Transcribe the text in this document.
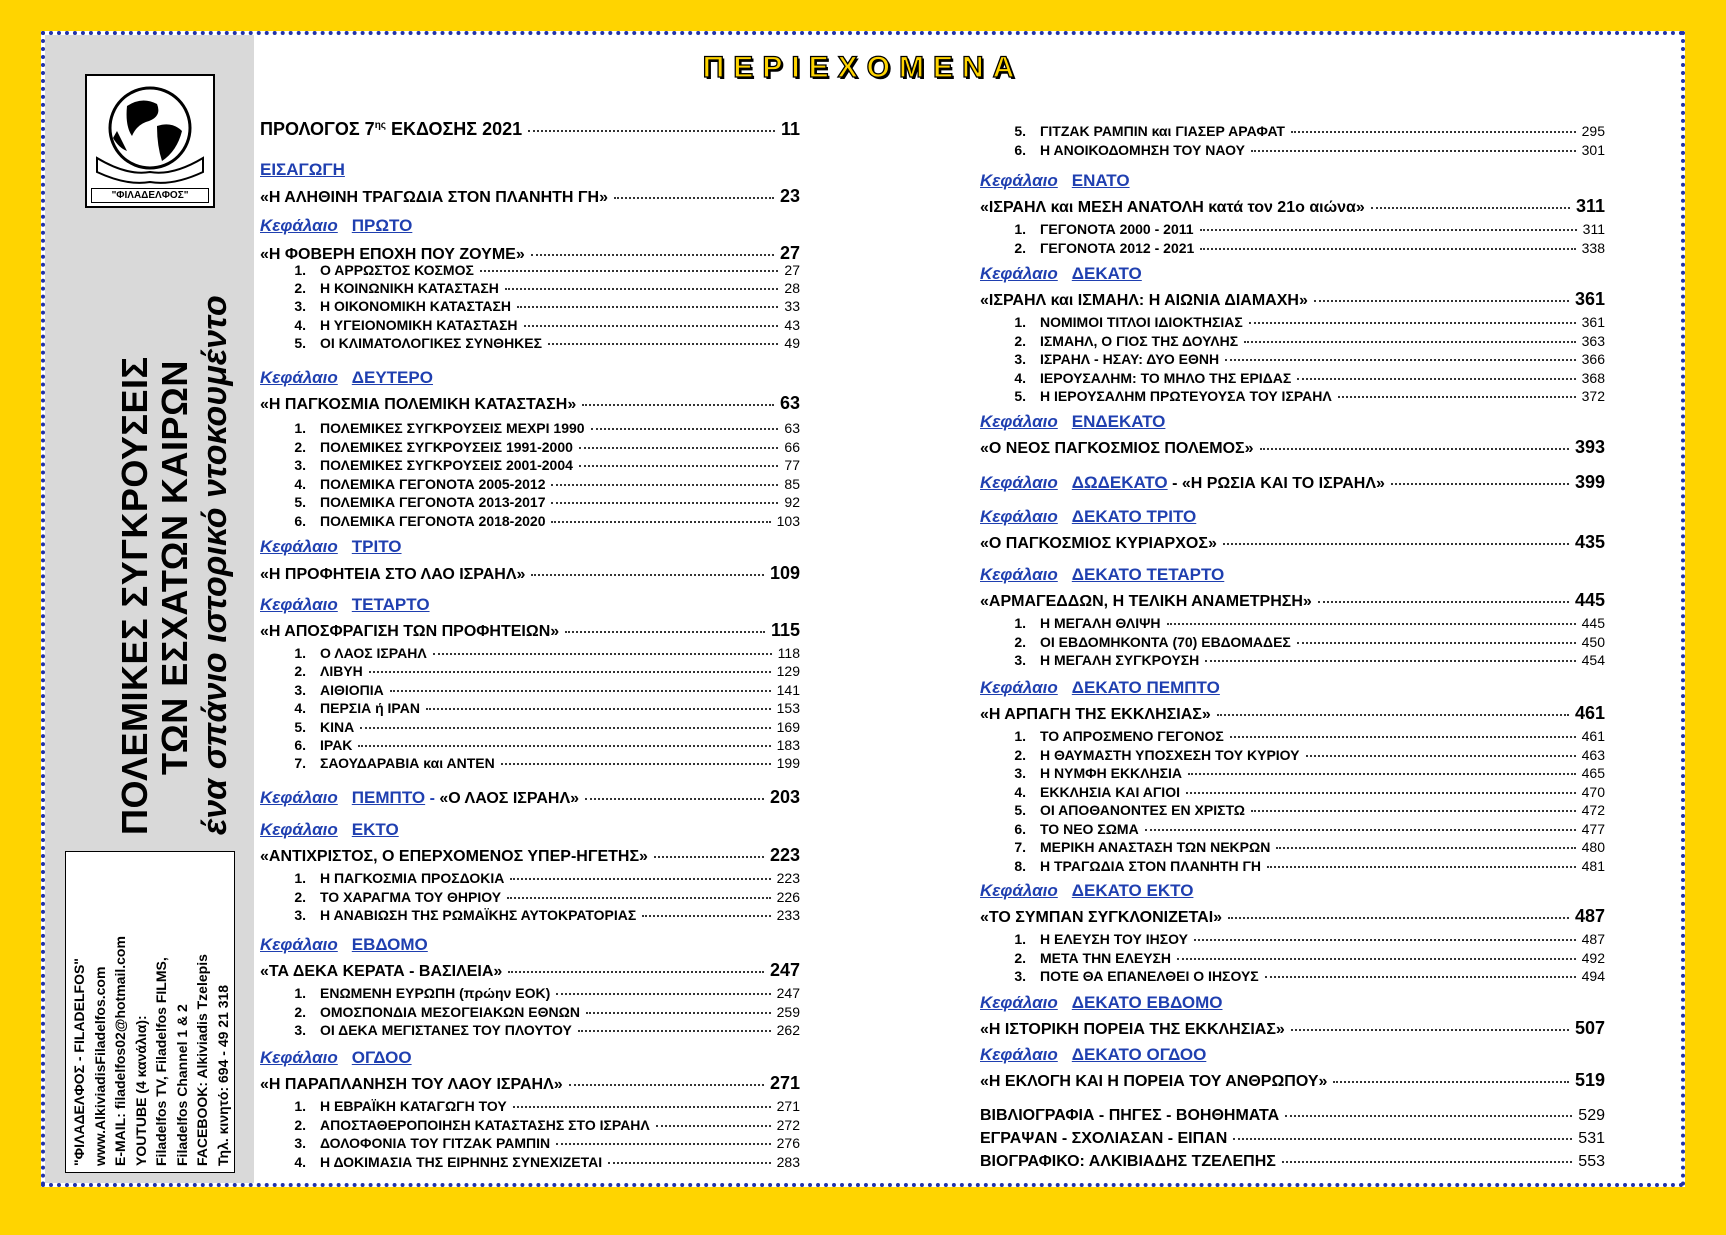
"ΦΙΛΑΔΕΛΦΟΣ"
ΠΟΛΕΜΙΚΕΣ ΣΥΓΚΡΟΥΣΕΙΣ ΤΩΝ ΕΣΧΑΤΩΝ ΚΑΙΡΩΝ ένα σπάνιο ιστορικό ντοκουμέντο
"ΦΙΛΑΔΕΛΦΟΣ - FILADELFOS" www.AlkiviadisFiladelfos.com E-MAIL: filadelfos02@hotmail.com YOUTUBE (4 κανάλια): Filadelfos TV, Filadelfos FILMS, Filadelfos Channel 1 & 2 FACEBOOK: Alkiviadis Tzelepis Τηλ. κινητό: 694 - 49 21 318
ΠΡΟΛΟΓΟΣ $7^{\eta\varsigma}$ ΕΚΔΟΣΗΣ 2021	11
ΕΙΣΑΓΩΓΗ
«Η ΑΛΗΘΙΝΗ ΤΡΑΓΩΔΙΑ ΣΤΟΝ ΠΛΑΝΗΤΗ ΓΗ»	23
Κεφάλαιο ΠΡΩΤΟ
«Η ΦΟΒΕΡΗ ΕΠΟΧΗ ΠΟΥ ΖΟΥΜΕ»	27
1.	Ο ΑΡΡΩΣΤΟΣ ΚΟΣΜΟΣ	27
2.	Η ΚΟΙΝΩΝΙΚΗ ΚΑΤΑΣΤΑΣΗ	28
3.	Η ΟΙΚΟΝΟΜΙΚΗ ΚΑΤΑΣΤΑΣΗ	33
4.	Η ΥΓΕΙΟΝΟΜΙΚΗ ΚΑΤΑΣΤΑΣΗ	43
5.	ΟΙ ΚΛΙΜΑΤΟΛΟΓΙΚΕΣ ΣΥΝΘΗΚΕΣ	49
Κεφάλαιο ΔΕΥΤΕΡΟ
«Η ΠΑΓΚΟΣΜΙΑ ΠΟΛΕΜΙΚΗ ΚΑΤΑΣΤΑΣΗ»	63
1.	ΠΟΛΕΜΙΚΕΣ ΣΥΓΚΡΟΥΣΕΙΣ ΜΕΧΡΙ 1990	63
2.	ΠΟΛΕΜΙΚΕΣ ΣΥΓΚΡΟΥΣΕΙΣ 1991-2000	66
3.	ΠΟΛΕΜΙΚΕΣ ΣΥΓΚΡΟΥΣΕΙΣ 2001-2004	77
4.	ΠΟΛΕΜΙΚΑ ΓΕΓΟΝΟΤΑ 2005-2012	85
5.	ΠΟΛΕΜΙΚΑ ΓΕΓΟΝΟΤΑ 2013-2017	92
6.	ΠΟΛΕΜΙΚΑ ΓΕΓΟΝΟΤΑ 2018-2020	103
Κεφάλαιο ΤΡΙΤΟ
«Η ΠΡΟΦΗΤΕΙΑ ΣΤΟ ΛΑΟ ΙΣΡΑΗΛ»	109
Κεφάλαιο ΤΕΤΑΡΤΟ
«Η ΑΠΟΣΦΡΑΓΙΣΗ ΤΩΝ ΠΡΟΦΗΤΕΙΩΝ»	115
1.	Ο ΛΑΟΣ ΙΣΡΑΗΛ	118
2.	ΛΙΒΥΗ	129
3.	ΑΙΘΙΟΠΙΑ	141
4.	ΠΕΡΣΙΑ ή ΙΡΑΝ	153
5.	ΚΙΝΑ	169
6.	ΙΡΑΚ	183
7.	ΣΑΟΥΔΑΡΑΒΙΑ και ΑΝΤΕΝ	199
Κεφάλαιο ΕΚΤΟ
«ΑΝΤΙΧΡΙΣΤΟΣ, Ο ΕΠΕΡΧΟΜΕΝΟΣ ΥΠΕΡ-ΗΓΕΤΗΣ»	223
1.	Η ΠΑΓΚΟΣΜΙΑ ΠΡΟΣΔΟΚΙΑ	223
2.	ΤΟ ΧΑΡΑΓΜΑ ΤΟΥ ΘΗΡΙΟΥ	226
3.	Η ΑΝΑΒΙΩΣΗ ΤΗΣ ΡΩΜΑΪΚΗΣ ΑΥΤΟΚΡΑΤΟΡΙΑΣ	233
Κεφάλαιο ΕΒΔΟΜΟ
«ΤΑ ΔΕΚΑ ΚΕΡΑΤΑ - ΒΑΣΙΛΕΙΑ»	247
1.	ΕΝΩΜΕΝΗ ΕΥΡΩΠΗ (πρώην ΕΟΚ)	247
2.	ΟΜΟΣΠΟΝΔΙΑ ΜΕΣΟΓΕΙΑΚΩΝ ΕΘΝΩΝ	259
3.	ΟΙ ΔΕΚΑ ΜΕΓΙΣΤΑΝΕΣ ΤΟΥ ΠΛΟΥΤΟΥ	262
Κεφάλαιο ΟΓΔΟΟ
«Η ΠΑΡΑΠΛΑΝΗΣΗ ΤΟΥ ΛΑΟΥ ΙΣΡΑΗΛ»	271
1.	Η ΕΒΡΑΪΚΗ ΚΑΤΑΓΩΓΗ ΤΟΥ	271
2.	ΑΠΟΣΤΑΘΕΡΟΠΟΙΗΣΗ ΚΑΤΑΣΤΑΣΗΣ ΣΤΟ ΙΣΡΑΗΛ	272
3.	ΔΟΛΟΦΟΝΙΑ ΤΟΥ ΓΙΤΖΑΚ ΡΑΜΠΙΝ	276
4.	Η ΔΟΚΙΜΑΣΙΑ ΤΗΣ ΕΙΡΗΝΗΣ ΣΥΝΕΧΙΖΕΤΑΙ	283
Κεφάλαιο ΠΕΜΠΤΟ - «Ο ΛΑΟΣ ΙΣΡΑΗΛ»	203
5.	ΓΙΤΖΑΚ ΡΑΜΠΙΝ και ΓΙΑΣΕΡ ΑΡΑΦΑΤ	295
6.	Η ΑΝΟΙΚΟΔΟΜΗΣΗ ΤΟΥ ΝΑΟΥ	301
Κεφάλαιο ΕΝΑΤΟ
«ΙΣΡΑΗΛ και ΜΕΣΗ ΑΝΑΤΟΛΗ κατά τον 21ο αιώνα»	311
1.	ΓΕΓΟΝΟΤΑ 2000 - 2011	311
2.	ΓΕΓΟΝΟΤΑ 2012 - 2021	338
Κεφάλαιο ΔΕΚΑΤΟ
«ΙΣΡΑΗΛ και ΙΣΜΑΗΛ: Η ΑΙΩΝΙΑ ΔΙΑΜΑΧΗ»	361
1.	ΝΟΜΙΜΟΙ ΤΙΤΛΟΙ ΙΔΙΟΚΤΗΣΙΑΣ	361
2.	ΙΣΜΑΗΛ, Ο ΓΙΟΣ ΤΗΣ ΔΟΥΛΗΣ	363
3.	ΙΣΡΑΗΛ - ΗΣΑΥ: ΔΥΟ ΕΘΝΗ	366
4.	ΙΕΡΟΥΣΑΛΗΜ: ΤΟ ΜΗΛΟ ΤΗΣ ΕΡΙΔΑΣ	368
5.	Η ΙΕΡΟΥΣΑΛΗΜ ΠΡΩΤΕΥΟΥΣΑ ΤΟΥ ΙΣΡΑΗΛ	372
Κεφάλαιο ΕΝΔΕΚΑΤΟ
«Ο ΝΕΟΣ ΠΑΓΚΟΣΜΙΟΣ ΠΟΛΕΜΟΣ»	393
Κεφάλαιο ΔΕΚΑΤΟ ΤΡΙΤΟ
«Ο ΠΑΓΚΟΣΜΙΟΣ ΚΥΡΙΑΡΧΟΣ»	435
Κεφάλαιο ΔΕΚΑΤΟ ΤΕΤΑΡΤΟ
«ΑΡΜΑΓΕΔΔΩΝ, Η ΤΕΛΙΚΗ ΑΝΑΜΕΤΡΗΣΗ»	445
1.	Η ΜΕΓΑΛΗ ΘΛΙΨΗ	445
2.	ΟΙ ΕΒΔΟΜΗΚΟΝΤΑ (70) ΕΒΔΟΜΑΔΕΣ	450
3.	Η ΜΕΓΑΛΗ ΣΥΓΚΡΟΥΣΗ	454
Κεφάλαιο ΔΕΚΑΤΟ ΠΕΜΠΤΟ
«Η ΑΡΠΑΓΗ ΤΗΣ ΕΚΚΛΗΣΙΑΣ»	461
1.	ΤΟ ΑΠΡΟΣΜΕΝΟ ΓΕΓΟΝΟΣ	461
2.	Η ΘΑΥΜΑΣΤΗ ΥΠΟΣΧΕΣΗ ΤΟΥ ΚΥΡΙΟΥ	463
3.	Η ΝΥΜΦΗ ΕΚΚΛΗΣΙΑ	465
4.	ΕΚΚΛΗΣΙΑ ΚΑΙ ΑΓΙΟΙ	470
5.	ΟΙ ΑΠΟΘΑΝΟΝΤΕΣ ΕΝ ΧΡΙΣΤΩ	472
6.	ΤΟ ΝΕΟ ΣΩΜΑ	477
7.	ΜΕΡΙΚΗ ΑΝΑΣΤΑΣΗ ΤΩΝ ΝΕΚΡΩΝ	480
8.	Η ΤΡΑΓΩΔΙΑ ΣΤΟΝ ΠΛΑΝΗΤΗ ΓΗ	481
Κεφάλαιο ΔΕΚΑΤΟ ΕΚΤΟ
«ΤΟ ΣΥΜΠΑΝ ΣΥΓΚΛΟΝΙΖΕΤΑΙ»	487
1.	Η ΕΛΕΥΣΗ ΤΟΥ ΙΗΣΟΥ	487
2.	ΜΕΤΑ ΤΗΝ ΕΛΕΥΣΗ	492
3.	ΠΟΤΕ ΘΑ ΕΠΑΝΕΛΘΕΙ Ο ΙΗΣΟΥΣ	494
Κεφάλαιο ΔΕΚΑΤΟ ΕΒΔΟΜΟ
«Η ΙΣΤΟΡΙΚΗ ΠΟΡΕΙΑ ΤΗΣ ΕΚΚΛΗΣΙΑΣ»	507
Κεφάλαιο ΔΕΚΑΤΟ ΟΓΔΟΟ
«Η ΕΚΛΟΓΗ ΚΑΙ Η ΠΟΡΕΙΑ ΤΟΥ ΑΝΘΡΩΠΟΥ»	519
Κεφάλαιο ΔΩΔΕΚΑΤΟ - «Η ΡΩΣΙΑ ΚΑΙ ΤΟ ΙΣΡΑΗΛ»	399
ΒΙΒΛΙΟΓΡΑΦΙΑ - ΠΗΓΕΣ - ΒΟΗΘΗΜΑΤΑ	529
ΕΓΡΑΨΑΝ - ΣΧΟΛΙΑΣΑΝ - ΕΙΠΑΝ	531
ΒΙΟΓΡΑΦΙΚΟ: ΑΛΚΙΒΙΑΔΗΣ ΤΖΕΛΕΠΗΣ	553
ΠΕΡΙΕΧΟΜΕΝΑ
